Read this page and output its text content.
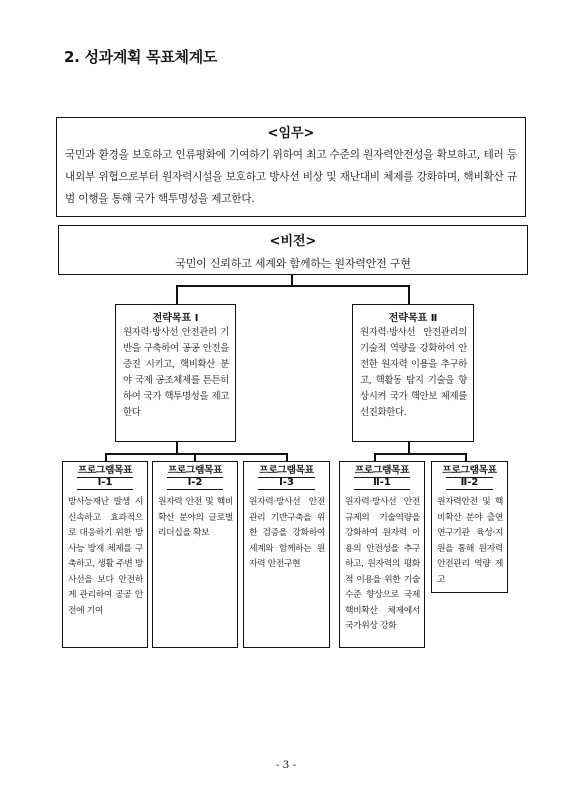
2. 성과계획 목표체계도
<임무>
국민과 환경을 보호하고 인류평화에 기여하기 위하여 최고 수준의 원자력안전성을 확보하고, 테러 등 내외부 위협으로부터 원자력시설을 보호하고 방사선 비상 및 재난대비 체제를 강화하며, 핵비확산 규범 이행을 통해 국가 핵투명성을 제고한다.
<비전>
국민이 신뢰하고 세계와 함께하는 원자력안전 구현
전략목표 Ⅰ
원자력·방사선 안전관리 기반을 구축하여 공공 안전을 증진 시키고, 핵비확산 분야 국제 공조체제를 튼튼히 하여 국가 핵투명성을 제고한다
전략목표 Ⅱ
원자력·방사선 안전관리의 기술적 역량을 강화하여 안전한 원자력 이용을 추구하고, 핵활동 탐지 기술을 향상시켜 국가 핵안보 체제를 선진화한다.
프로그램목표
Ⅰ-1
방사능재난 발생 시 신속하고 효과적으로 대응하기 위한 방사능 방재 체제를 구축하고, 생활 주변 방사선을 보다 안전하게 관리하여 공공 안전에 기여
프로그램목표
Ⅰ-2
원자력 안전 및 핵비확산 분야의 글로벌 리더십을 확보
프로그램목표
Ⅰ-3
원자력·방사선 안전관리 기반구축을 위한 검증을 강화하여 세계와 함께하는 원자력 안전구현
프로그램목표
Ⅱ-1
원자력·방사선 안전규제의 기술역량을 강화하여 원자력 이용의 안전성을 추구하고, 원자력의 평화적 이용을 위한 기술수준 향상으로 국제 핵비확산 체제에서 국가위상 강화
프로그램목표
Ⅱ-2
원자력안전 및 핵비확산 분야 출연연구기관 육성·지원을 통해 원자력 안전관리 역량 제고
- 3 -
